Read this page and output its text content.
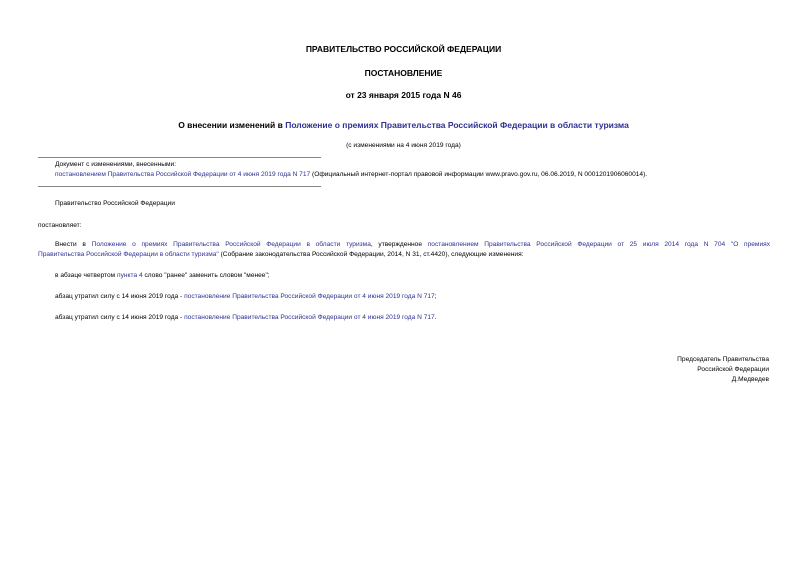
ПРАВИТЕЛЬСТВО РОССИЙСКОЙ ФЕДЕРАЦИИ
ПОСТАНОВЛЕНИЕ
от 23 января 2015 года N 46
О внесении изменений в Положение о премиях Правительства Российской Федерации в области туризма
(с изменениями на 4 июня 2019 года)
Документ с изменениями, внесенными:
постановлением Правительства Российской Федерации от 4 июня 2019 года N 717 (Официальный интернет-портал правовой информации www.pravo.gov.ru, 06.06.2019, N 0001201906060014).
Правительство Российской Федерации
постановляет:
Внести в Положение о премиях Правительства Российской Федерации в области туризма, утвержденное постановлением Правительства Российской Федерации от 25 июля 2014 года N 704 "О премиях
Правительства Российской Федерации в области туризма" (Собрание законодательства Российской Федерации, 2014, N 31, ст.4420), следующие изменения:
в абзаце четвертом пункта 4 слово "ранее" заменить словом "менее";
абзац утратил силу с 14 июня 2019 года - постановление Правительства Российской Федерации от 4 июня 2019 года N 717;
абзац утратил силу с 14 июня 2019 года - постановление Правительства Российской Федерации от 4 июня 2019 года N 717.
Председатель Правительства
Российской Федерации
Д.Медведев
